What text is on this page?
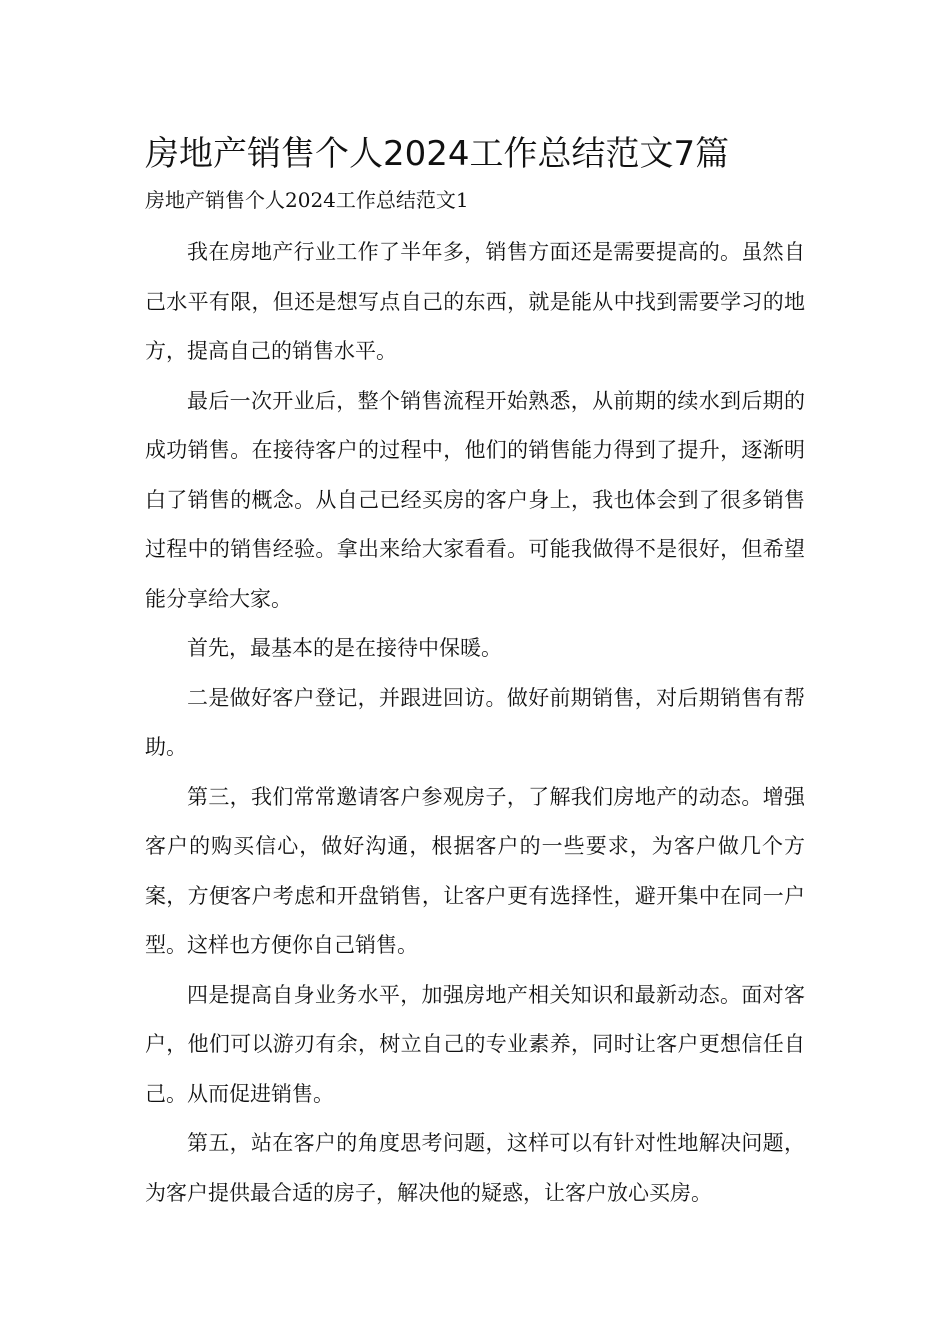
房地产销售个人2024工作总结范文7篇
房地产销售个人2024工作总结范文1

我在房地产行业工作了半年多，销售方面还是需要提高的。虽然自己水平有限，但还是想写点自己的东西，就是能从中找到需要学习的地方，提高自己的销售水平。

最后一次开业后，整个销售流程开始熟悉，从前期的续水到后期的成功销售。在接待客户的过程中，他们的销售能力得到了提升，逐渐明白了销售的概念。从自己已经买房的客户身上，我也体会到了很多销售过程中的销售经验。拿出来给大家看看。可能我做得不是很好，但希望能分享给大家。

首先，最基本的是在接待中保暖。

二是做好客户登记，并跟进回访。做好前期销售，对后期销售有帮助。

第三，我们常常邀请客户参观房子，了解我们房地产的动态。增强客户的购买信心，做好沟通，根据客户的一些要求，为客户做几个方案，方便客户考虑和开盘销售，让客户更有选择性，避开集中在同一户型。这样也方便你自己销售。

四是提高自身业务水平，加强房地产相关知识和最新动态。面对客户，他们可以游刃有余，树立自己的专业素养，同时让客户更想信任自己。从而促进销售。

第五，站在客户的角度思考问题，这样可以有针对性地解决问题，为客户提供最合适的房子，解决他的疑惑，让客户放心买房。
